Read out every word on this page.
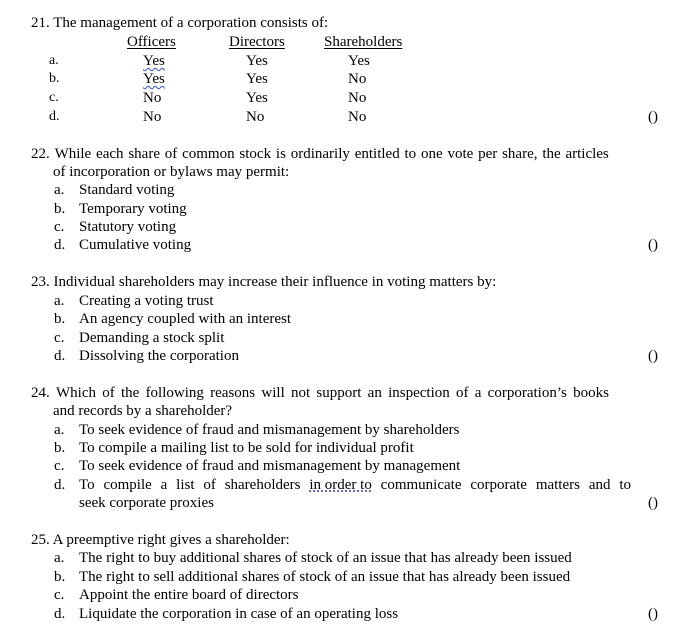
21. The management of a corporation consists of:
Officers	Directors	Shareholders
a.	Yes	Yes	Yes
b.	Yes	Yes	No
c.	No	Yes	No
d.	No	No	No	()
22. While each share of common stock is ordinarily entitled to one vote per share, the articles
of incorporation or bylaws may permit:
a. Standard voting
b. Temporary voting
c. Statutory voting
d. Cumulative voting	()
23. Individual shareholders may increase their influence in voting matters by:
a. Creating a voting trust
b. An agency coupled with an interest
c. Demanding a stock split
d. Dissolving the corporation	()
24. Which of the following reasons will not support an inspection of a corporation’s books
and records by a shareholder?
a. To seek evidence of fraud and mismanagement by shareholders
b. To compile a mailing list to be sold for individual profit
c. To seek evidence of fraud and mismanagement by management
d. To compile a list of shareholders in order to communicate corporate matters and to
seek corporate proxies	()
25. A preemptive right gives a shareholder:
a. The right to buy additional shares of stock of an issue that has already been issued
b. The right to sell additional shares of stock of an issue that has already been issued
c. Appoint the entire board of directors
d. Liquidate the corporation in case of an operating loss	()
